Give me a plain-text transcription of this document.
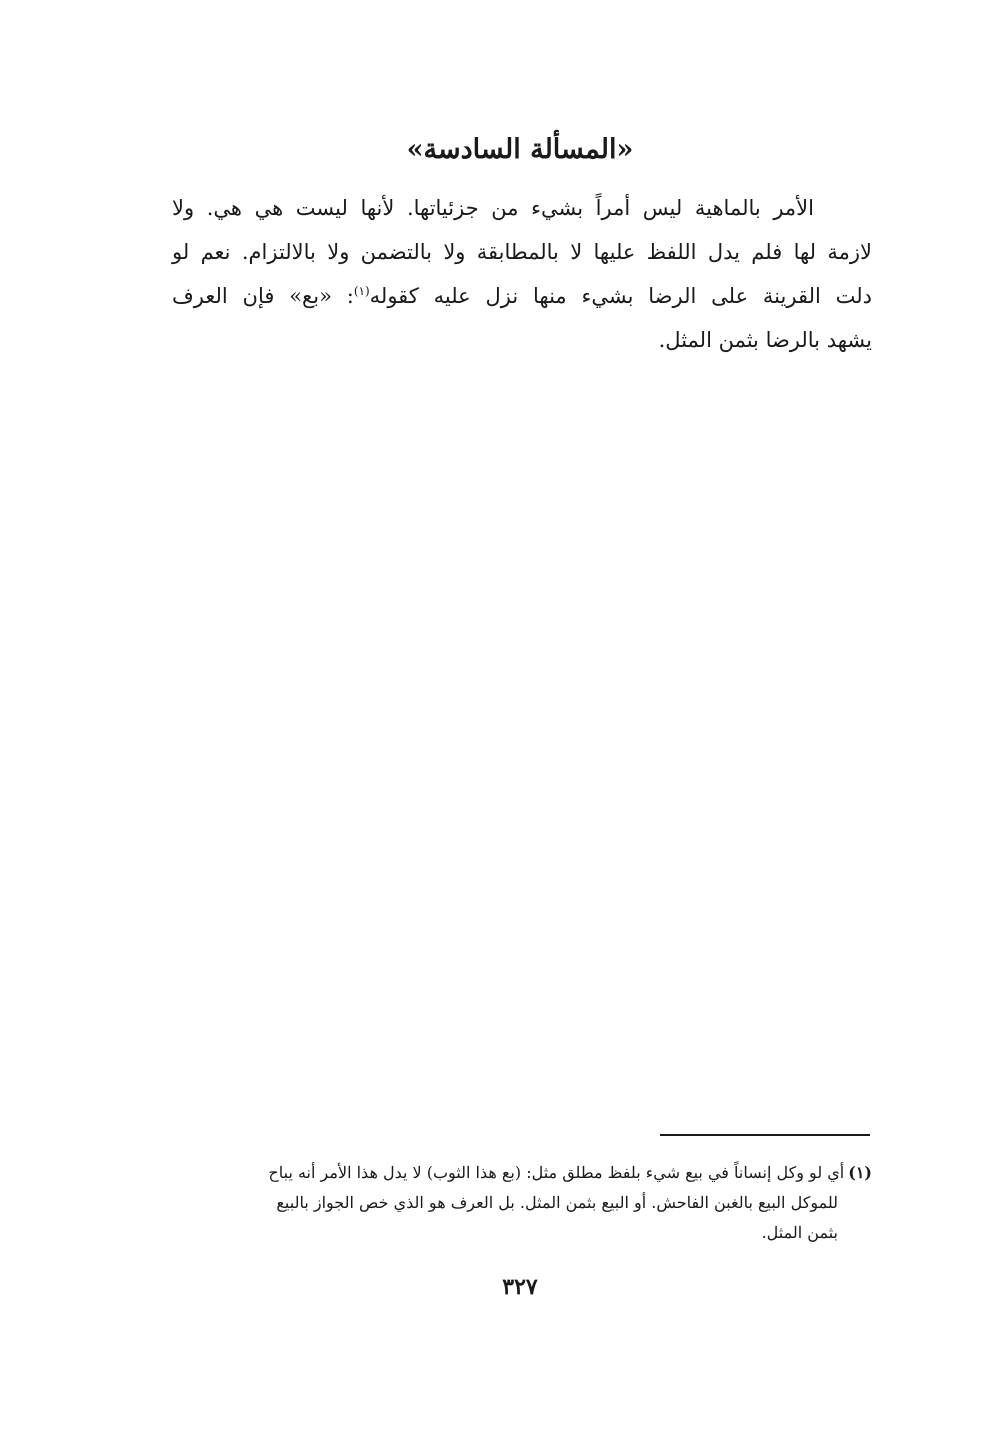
«المسألة السادسة»
الأمر بالماهية ليس أمراً بشيء من جزئياتها. لأنها ليست هي هي. ولا
لازمة لها فلم يدل اللفظ عليها لا بالمطابقة ولا بالتضمن ولا بالالتزام. نعم لو
دلت القرينة على الرضا بشيء منها نزل عليه كقوله$^{(١)}$: «بع» فإن العرف
يشهد بالرضا بثمن المثل.
(١)أي لو وكل إنساناً في بيع شيء بلفظ مطلق مثل: (بع هذا الثوب) لا يدل هذا الأمر أنه يباح
للموكل البيع بالغبن الفاحش. أو البيع بثمن المثل. بل العرف هو الذي خص الجواز بالبيع
بثمن المثل.
٣٢٧
